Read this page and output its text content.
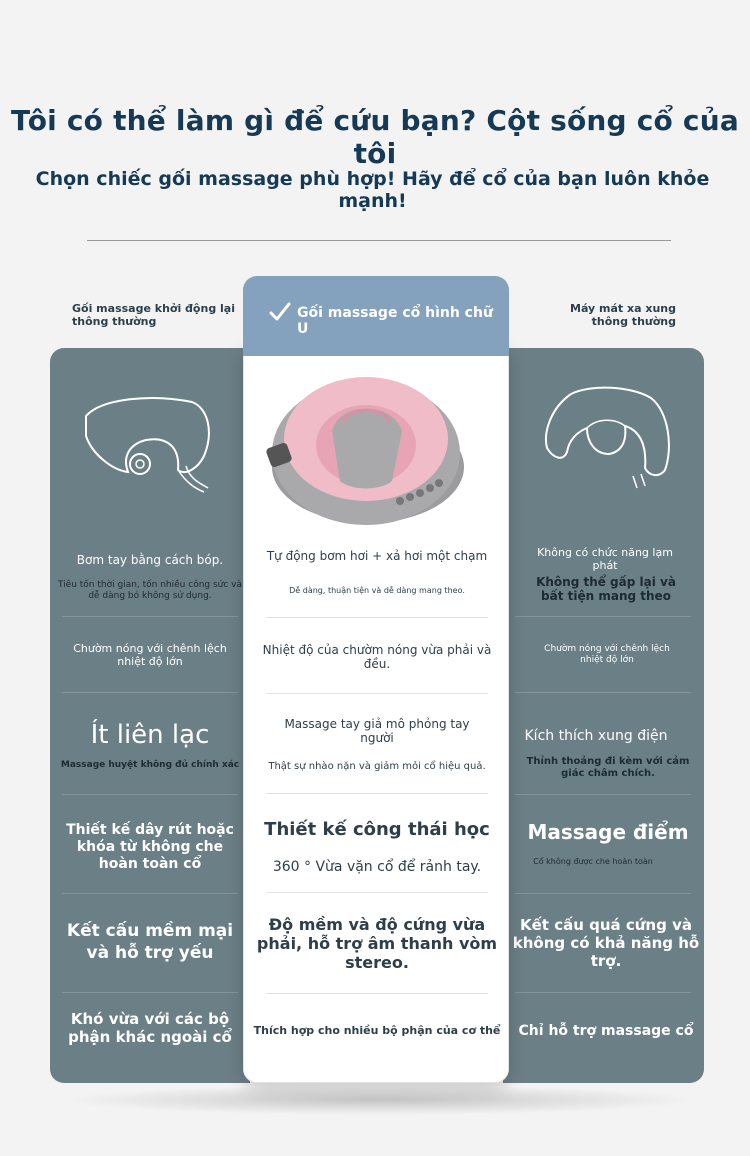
Tôi có thể làm gì để cứu bạn? Cột sống cổ của tôi
Chọn chiếc gối massage phù hợp! Hãy để cổ của bạn luôn khỏe mạnh!
Gối massage khởi động lại thông thường
Máy mát xa xung thông thường
Bơm tay bằng cách bóp.
Tiêu tốn thời gian, tốn nhiều công sức và dễ dàng bỏ không sử dụng.
Chườm nóng với chênh lệch nhiệt độ lớn
Ít liên lạc
Massage huyệt không đủ chính xác
Thiết kế dây rút hoặc khóa từ không che hoàn toàn cổ
Kết cấu mềm mại và hỗ trợ yếu
Khó vừa với các bộ phận khác ngoài cổ
Không có chức năng lạm phát
Không thể gấp lại và bất tiện mang theo
Chườm nóng với chênh lệch nhiệt độ lớn
Kích thích xung điện
Thỉnh thoảng đi kèm với cảm giác châm chích.
Massage điểm
Cổ không được che hoàn toàn
Kết cấu quá cứng và không có khả năng hỗ trợ.
Chỉ hỗ trợ massage cổ
Tự động bơm hơi + xả hơi một chạm
Dễ dàng, thuận tiện và dễ dàng mang theo.
Nhiệt độ của chườm nóng vừa phải và đều.
Massage tay giả mô phỏng tay người
Thật sự nhào nặn và giảm mỏi cổ hiệu quả.
Thiết kế công thái học
360 ° Vừa vặn cổ để rảnh tay.
Độ mềm và độ cứng vừa phải, hỗ trợ âm thanh vòm stereo.
Thích hợp cho nhiều bộ phận của cơ thể
Gối massage cổ hình chữ U
